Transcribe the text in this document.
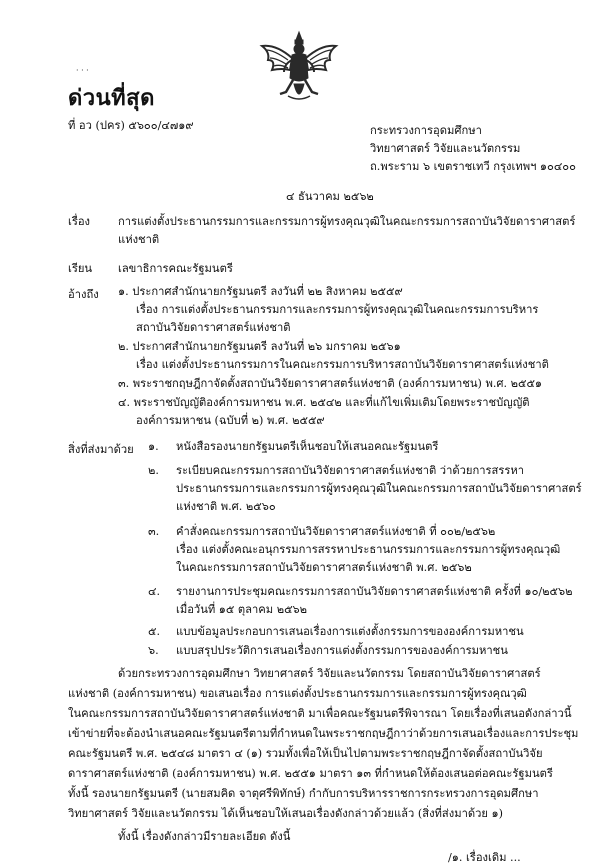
· · ·
ด่วนที่สุด
ที่ อว (ปคร) ๕๖๐๐/๔๗๑๙	กระทรวงการอุดมศึกษา
วิทยาศาสตร์ วิจัยและนวัตกรรม
ถ.พระราม ๖ เขตราชเทวี กรุงเทพฯ ๑๐๔๐๐
๔ ธันวาคม ๒๕๖๒
เรื่อง การแต่งตั้งประธานกรรมการและกรรมการผู้ทรงคุณวุฒิในคณะกรรมการสถาบันวิจัยดาราศาสตร์
แห่งชาติ
เรียน เลขาธิการคณะรัฐมนตรี
อ้างถึง ๑. ประกาศสำนักนายกรัฐมนตรี ลงวันที่ ๒๒ สิงหาคม ๒๕๕๙
เรื่อง การแต่งตั้งประธานกรรมการและกรรมการผู้ทรงคุณวุฒิในคณะกรรมการบริหาร
สถาบันวิจัยดาราศาสตร์แห่งชาติ
๒. ประกาศสำนักนายกรัฐมนตรี ลงวันที่ ๒๖ มกราคม ๒๕๖๑
เรื่อง แต่งตั้งประธานกรรมการในคณะกรรมการบริหารสถาบันวิจัยดาราศาสตร์แห่งชาติ
๓. พระราชกฤษฎีกาจัดตั้งสถาบันวิจัยดาราศาสตร์แห่งชาติ (องค์การมหาชน) พ.ศ. ๒๕๕๑
๔. พระราชบัญญัติองค์การมหาชน พ.ศ. ๒๕๔๒ และที่แก้ไขเพิ่มเติมโดยพระราชบัญญัติ
องค์การมหาชน (ฉบับที่ ๒) พ.ศ. ๒๕๕๙
สิ่งที่ส่งมาด้วย ๑. หนังสือรองนายกรัฐมนตรีเห็นชอบให้เสนอคณะรัฐมนตรี
๒. ระเบียบคณะกรรมการสถาบันวิจัยดาราศาสตร์แห่งชาติ ว่าด้วยการสรรหา
ประธานกรรมการและกรรมการผู้ทรงคุณวุฒิในคณะกรรมการสถาบันวิจัยดาราศาสตร์
แห่งชาติ พ.ศ. ๒๕๖๐
๓. คำสั่งคณะกรรมการสถาบันวิจัยดาราศาสตร์แห่งชาติ ที่ ๐๐๒/๒๕๖๒
เรื่อง แต่งตั้งคณะอนุกรรมการสรรหาประธานกรรมการและกรรมการผู้ทรงคุณวุฒิ
ในคณะกรรมการสถาบันวิจัยดาราศาสตร์แห่งชาติ พ.ศ. ๒๕๖๒
๔. รายงานการประชุมคณะกรรมการสถาบันวิจัยดาราศาสตร์แห่งชาติ ครั้งที่ ๑๐/๒๕๖๒
เมื่อวันที่ ๑๕ ตุลาคม ๒๕๖๒
๕. แบบข้อมูลประกอบการเสนอเรื่องการแต่งตั้งกรรมการขององค์การมหาชน
๖. แบบสรุปประวัติการเสนอเรื่องการแต่งตั้งกรรมการขององค์การมหาชน
ด้วยกระทรวงการอุดมศึกษา วิทยาศาสตร์ วิจัยและนวัตกรรม โดยสถาบันวิจัยดาราศาสตร์
แห่งชาติ (องค์การมหาชน) ขอเสนอเรื่อง การแต่งตั้งประธานกรรมการและกรรมการผู้ทรงคุณวุฒิ
ในคณะกรรมการสถาบันวิจัยดาราศาสตร์แห่งชาติ มาเพื่อคณะรัฐมนตรีพิจารณา โดยเรื่องที่เสนอดังกล่าวนี้
เข้าข่ายที่จะต้องนำเสนอคณะรัฐมนตรีตามที่กำหนดในพระราชกฤษฎีกาว่าด้วยการเสนอเรื่องและการประชุม
คณะรัฐมนตรี พ.ศ. ๒๕๔๘ มาตรา ๔ (๑) รวมทั้งเพื่อให้เป็นไปตามพระราชกฤษฎีกาจัดตั้งสถาบันวิจัย
ดาราศาสตร์แห่งชาติ (องค์การมหาชน) พ.ศ. ๒๕๕๑ มาตรา ๑๓ ที่กำหนดให้ต้องเสนอต่อคณะรัฐมนตรี
ทั้งนี้ รองนายกรัฐมนตรี (นายสมคิด จาตุศรีพิทักษ์) กำกับการบริหารราชการกระทรวงการอุดมศึกษา
วิทยาศาสตร์ วิจัยและนวัตกรรม ได้เห็นชอบให้เสนอเรื่องดังกล่าวด้วยแล้ว (สิ่งที่ส่งมาด้วย ๑)
ทั้งนี้ เรื่องดังกล่าวมีรายละเอียด ดังนี้
/๑. เรื่องเดิม ...
